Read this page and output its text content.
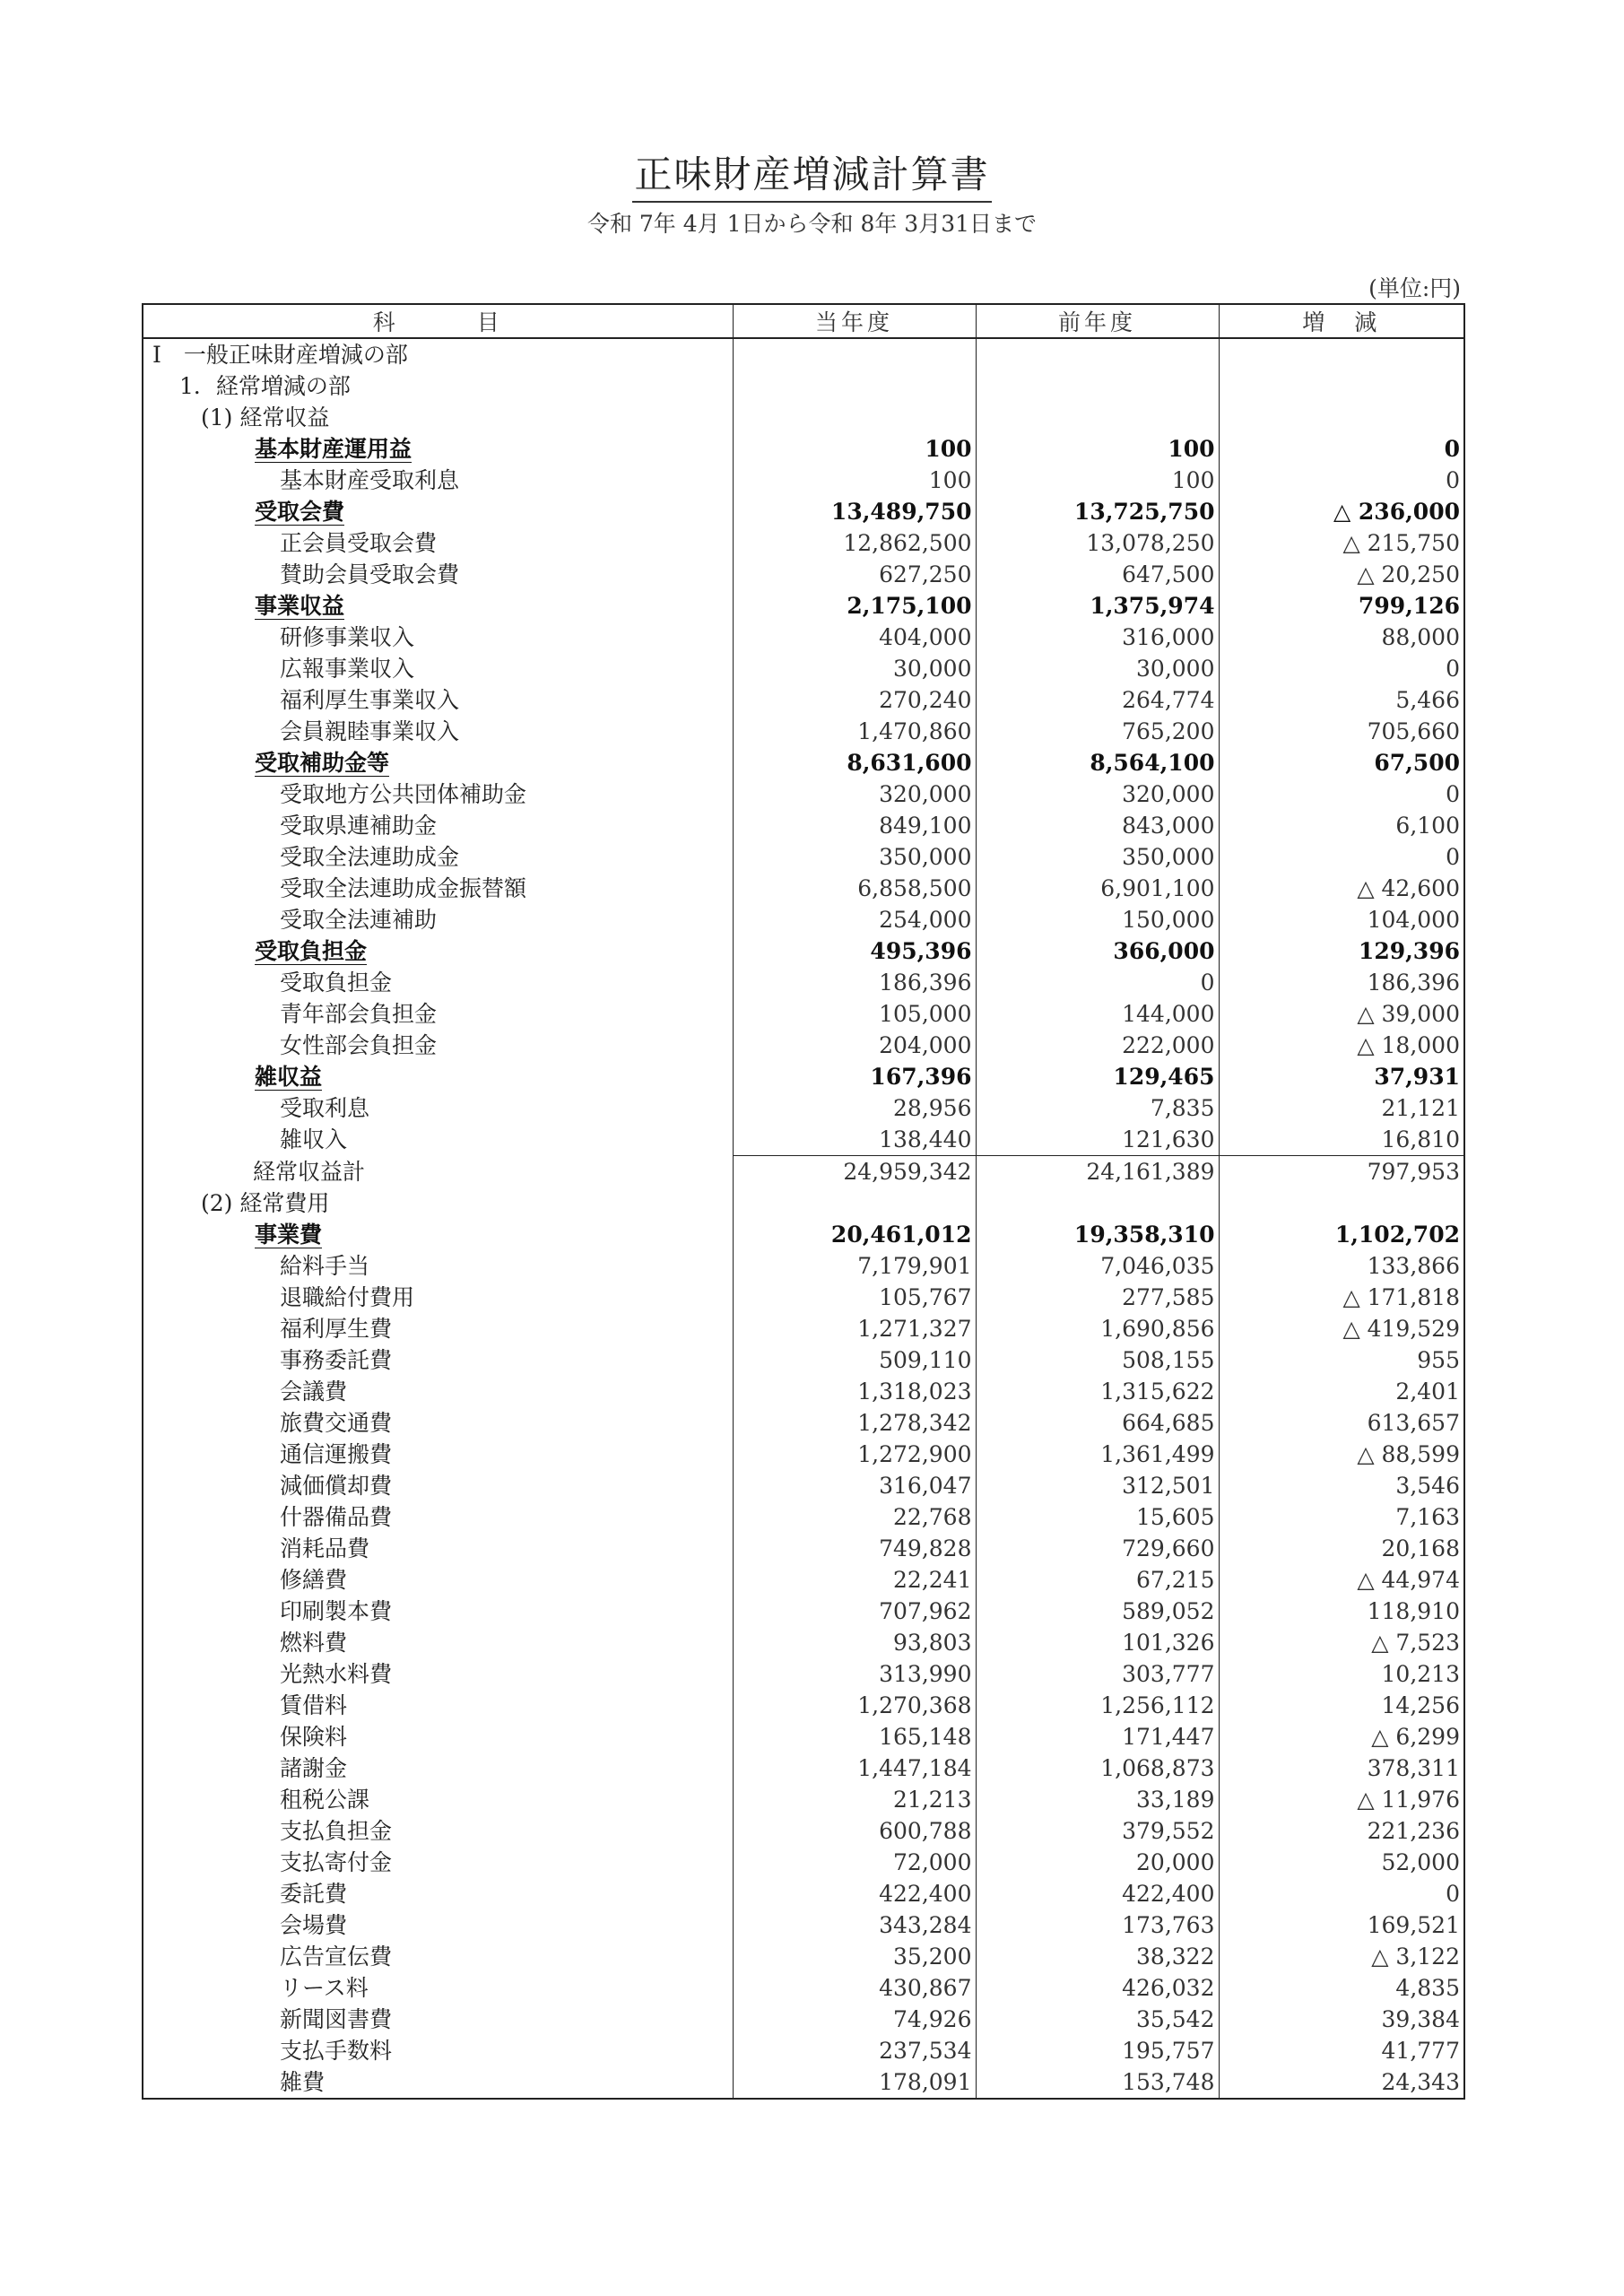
正味財産増減計算書
令和 7年 4月 1日から令和 8年 3月31日まで
(単位:円)
科　　　目	当年度	前年度	増　減
Ⅰ　一般正味財産増減の部			
1．経常増減の部			
(1) 経常収益			
基本財産運用益	100	100	0
基本財産受取利息	100	100	0
受取会費	13,489,750	13,725,750	△ 236,000
正会員受取会費	12,862,500	13,078,250	△ 215,750
賛助会員受取会費	627,250	647,500	△ 20,250
事業収益	2,175,100	1,375,974	799,126
研修事業収入	404,000	316,000	88,000
広報事業収入	30,000	30,000	0
福利厚生事業収入	270,240	264,774	5,466
会員親睦事業収入	1,470,860	765,200	705,660
受取補助金等	8,631,600	8,564,100	67,500
受取地方公共団体補助金	320,000	320,000	0
受取県連補助金	849,100	843,000	6,100
受取全法連助成金	350,000	350,000	0
受取全法連助成金振替額	6,858,500	6,901,100	△ 42,600
受取全法連補助	254,000	150,000	104,000
受取負担金	495,396	366,000	129,396
受取負担金	186,396	0	186,396
青年部会負担金	105,000	144,000	△ 39,000
女性部会負担金	204,000	222,000	△ 18,000
雑収益	167,396	129,465	37,931
受取利息	28,956	7,835	21,121
雑収入	138,440	121,630	16,810
経常収益計	24,959,342	24,161,389	797,953
(2) 経常費用			
事業費	20,461,012	19,358,310	1,102,702
給料手当	7,179,901	7,046,035	133,866
退職給付費用	105,767	277,585	△ 171,818
福利厚生費	1,271,327	1,690,856	△ 419,529
事務委託費	509,110	508,155	955
会議費	1,318,023	1,315,622	2,401
旅費交通費	1,278,342	664,685	613,657
通信運搬費	1,272,900	1,361,499	△ 88,599
減価償却費	316,047	312,501	3,546
什器備品費	22,768	15,605	7,163
消耗品費	749,828	729,660	20,168
修繕費	22,241	67,215	△ 44,974
印刷製本費	707,962	589,052	118,910
燃料費	93,803	101,326	△ 7,523
光熱水料費	313,990	303,777	10,213
賃借料	1,270,368	1,256,112	14,256
保険料	165,148	171,447	△ 6,299
諸謝金	1,447,184	1,068,873	378,311
租税公課	21,213	33,189	△ 11,976
支払負担金	600,788	379,552	221,236
支払寄付金	72,000	20,000	52,000
委託費	422,400	422,400	0
会場費	343,284	173,763	169,521
広告宣伝費	35,200	38,322	△ 3,122
リース料	430,867	426,032	4,835
新聞図書費	74,926	35,542	39,384
支払手数料	237,534	195,757	41,777
雑費	178,091	153,748	24,343
